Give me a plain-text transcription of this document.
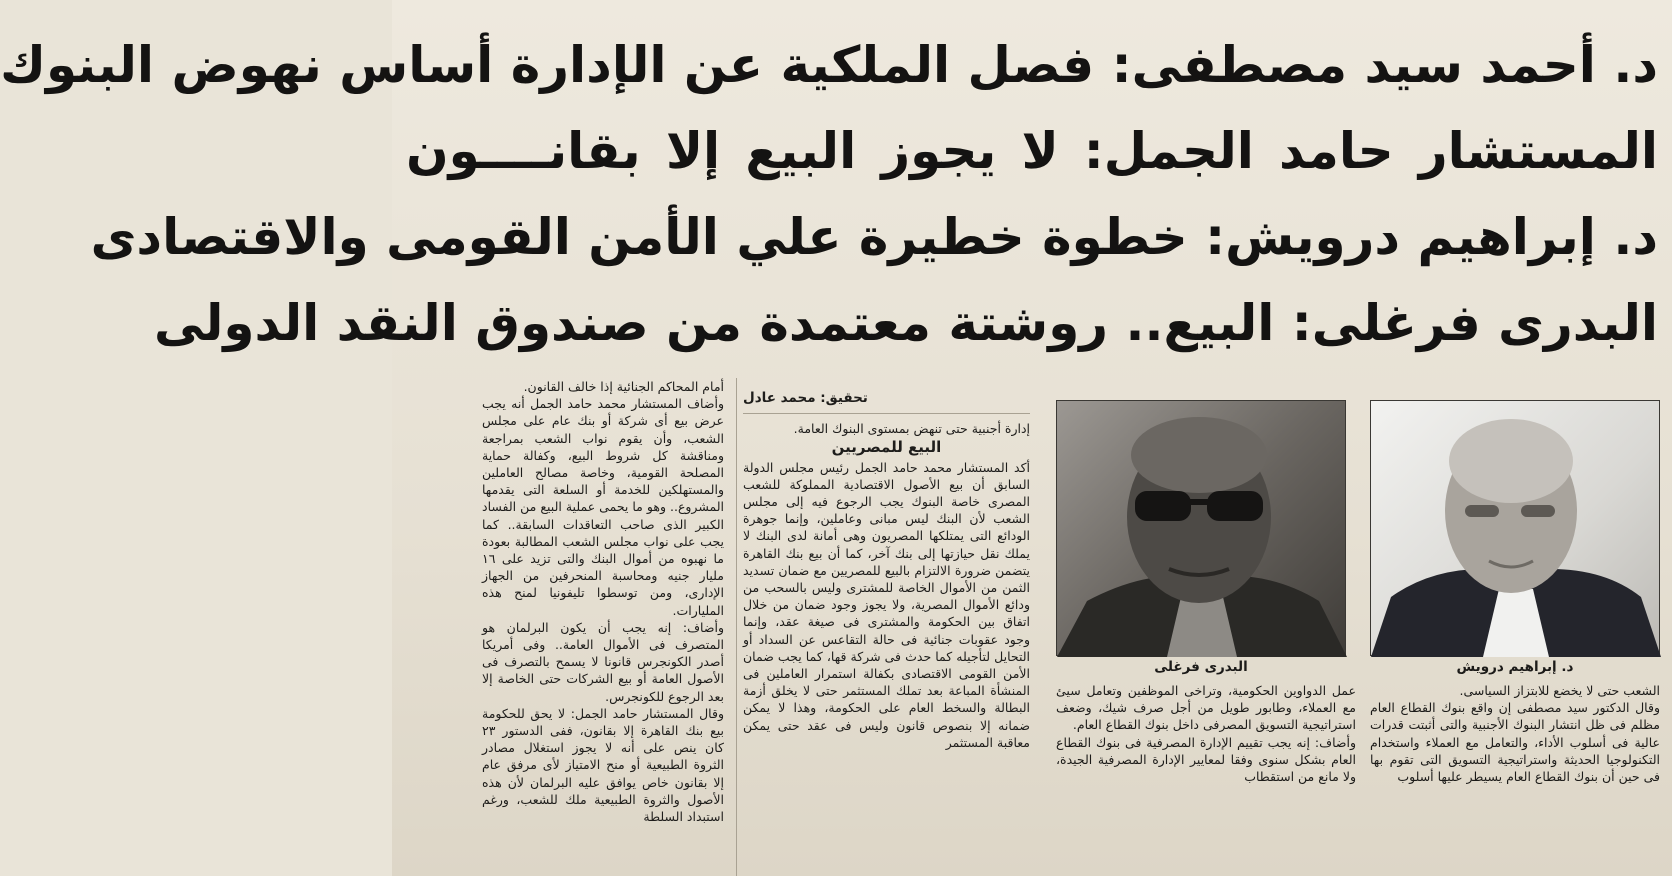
د. أحمد سيد مصطفى: فصل الملكية عن الإدارة أساس نهوض البنوك
المستشار حامد الجمل: لا يجوز البيع إلا بقانــــون
د. إبراهيم درويش: خطوة خطيرة علي الأمن القومى والاقتصادى
البدرى فرغلى: البيع.. روشتة معتمدة من صندوق النقد الدولى
د. إبراهيم درويش
البدرى فرغلى
تحقيق: محمد عادل

إدارة أجنبية حتى تنهض بمستوى البنوك العامة.

البيع للمصريين

أكد المستشار محمد حامد الجمل رئيس مجلس الدولة السابق أن بيع الأصول الاقتصادية المملوكة للشعب المصرى خاصة البنوك يجب الرجوع فيه إلى مجلس الشعب لأن البنك ليس مبانى وعاملين، وإنما جوهرة الودائع التى يمتلكها المصريون وهى أمانة لدى البنك لا يملك نقل حيازتها إلى بنك آخر، كما أن بيع بنك القاهرة يتضمن ضرورة الالتزام بالبيع للمصريين مع ضمان تسديد الثمن من الأموال الخاصة للمشترى وليس بالسحب من ودائع الأموال المصرية، ولا يجوز وجود ضمان من خلال اتفاق بين الحكومة والمشترى فى صيغة عقد، وإنما وجود عقوبات جنائية فى حالة التقاعس عن السداد أو التحايل لتأجيله كما حدث فى شركة قها، كما يجب ضمان الأمن القومى الاقتصادى بكفالة استمرار العاملين فى المنشأة المباعة بعد تملك المستثمر حتى لا يخلق أزمة البطالة والسخط العام على الحكومة، وهذا لا يمكن ضمانه إلا بنصوص قانون وليس فى عقد حتى يمكن معاقبة المستثمر

أمام المحاكم الجنائية إذا خالف القانون.

وأضاف المستشار محمد حامد الجمل أنه يجب عرض بيع أى شركة أو بنك عام على مجلس الشعب، وأن يقوم نواب الشعب بمراجعة ومناقشة كل شروط البيع، وكفالة حماية المصلحة القومية، وخاصة مصالح العاملين والمستهلكين للخدمة أو السلعة التى يقدمها المشروع.. وهو ما يحمى عملية البيع من الفساد الكبير الذى صاحب التعاقدات السابقة.. كما يجب على نواب مجلس الشعب المطالبة بعودة ما نهبوه من أموال البنك والتى تزيد على ١٦ مليار جنيه ومحاسبة المنحرفين من الجهاز الإدارى، ومن توسطوا تليفونيا لمنح هذه المليارات.

وأضاف: إنه يجب أن يكون البرلمان هو المتصرف فى الأموال العامة.. وفى أمريكا أصدر الكونجرس قانونا لا يسمح بالتصرف فى الأصول العامة أو بيع الشركات حتى الخاصة إلا بعد الرجوع للكونجرس.

وقال المستشار حامد الجمل: لا يحق للحكومة بيع بنك القاهرة إلا بقانون، ففى الدستور ٢٣ كان ينص على أنه لا يجوز استغلال مصادر الثروة الطبيعية أو منح الامتياز لأى مرفق عام إلا بقانون خاص يوافق عليه البرلمان لأن هذه الأصول والثروة الطبيعية ملك للشعب، ورغم استبداد السلطة

الشعب حتى لا يخضع للابتزاز السياسى.

وقال الدكتور سيد مصطفى إن واقع بنوك القطاع العام مظلم فى ظل انتشار البنوك الأجنبية والتى أثبتت قدرات عالية فى أسلوب الأداء، والتعامل مع العملاء واستخدام التكنولوجيا الحديثة واستراتيجية التسويق التى تقوم بها فى حين أن بنوك القطاع العام يسيطر عليها أسلوب

عمل الدواوين الحكومية، وتراخى الموظفين وتعامل سيئ مع العملاء، وطابور طويل من أجل صرف شيك، وضعف استراتيجية التسويق المصرفى داخل بنوك القطاع العام.

وأضاف: إنه يجب تقييم الإدارة المصرفية فى بنوك القطاع العام بشكل سنوى وفقا لمعايير الإدارة المصرفية الجيدة، ولا مانع من استقطاب
